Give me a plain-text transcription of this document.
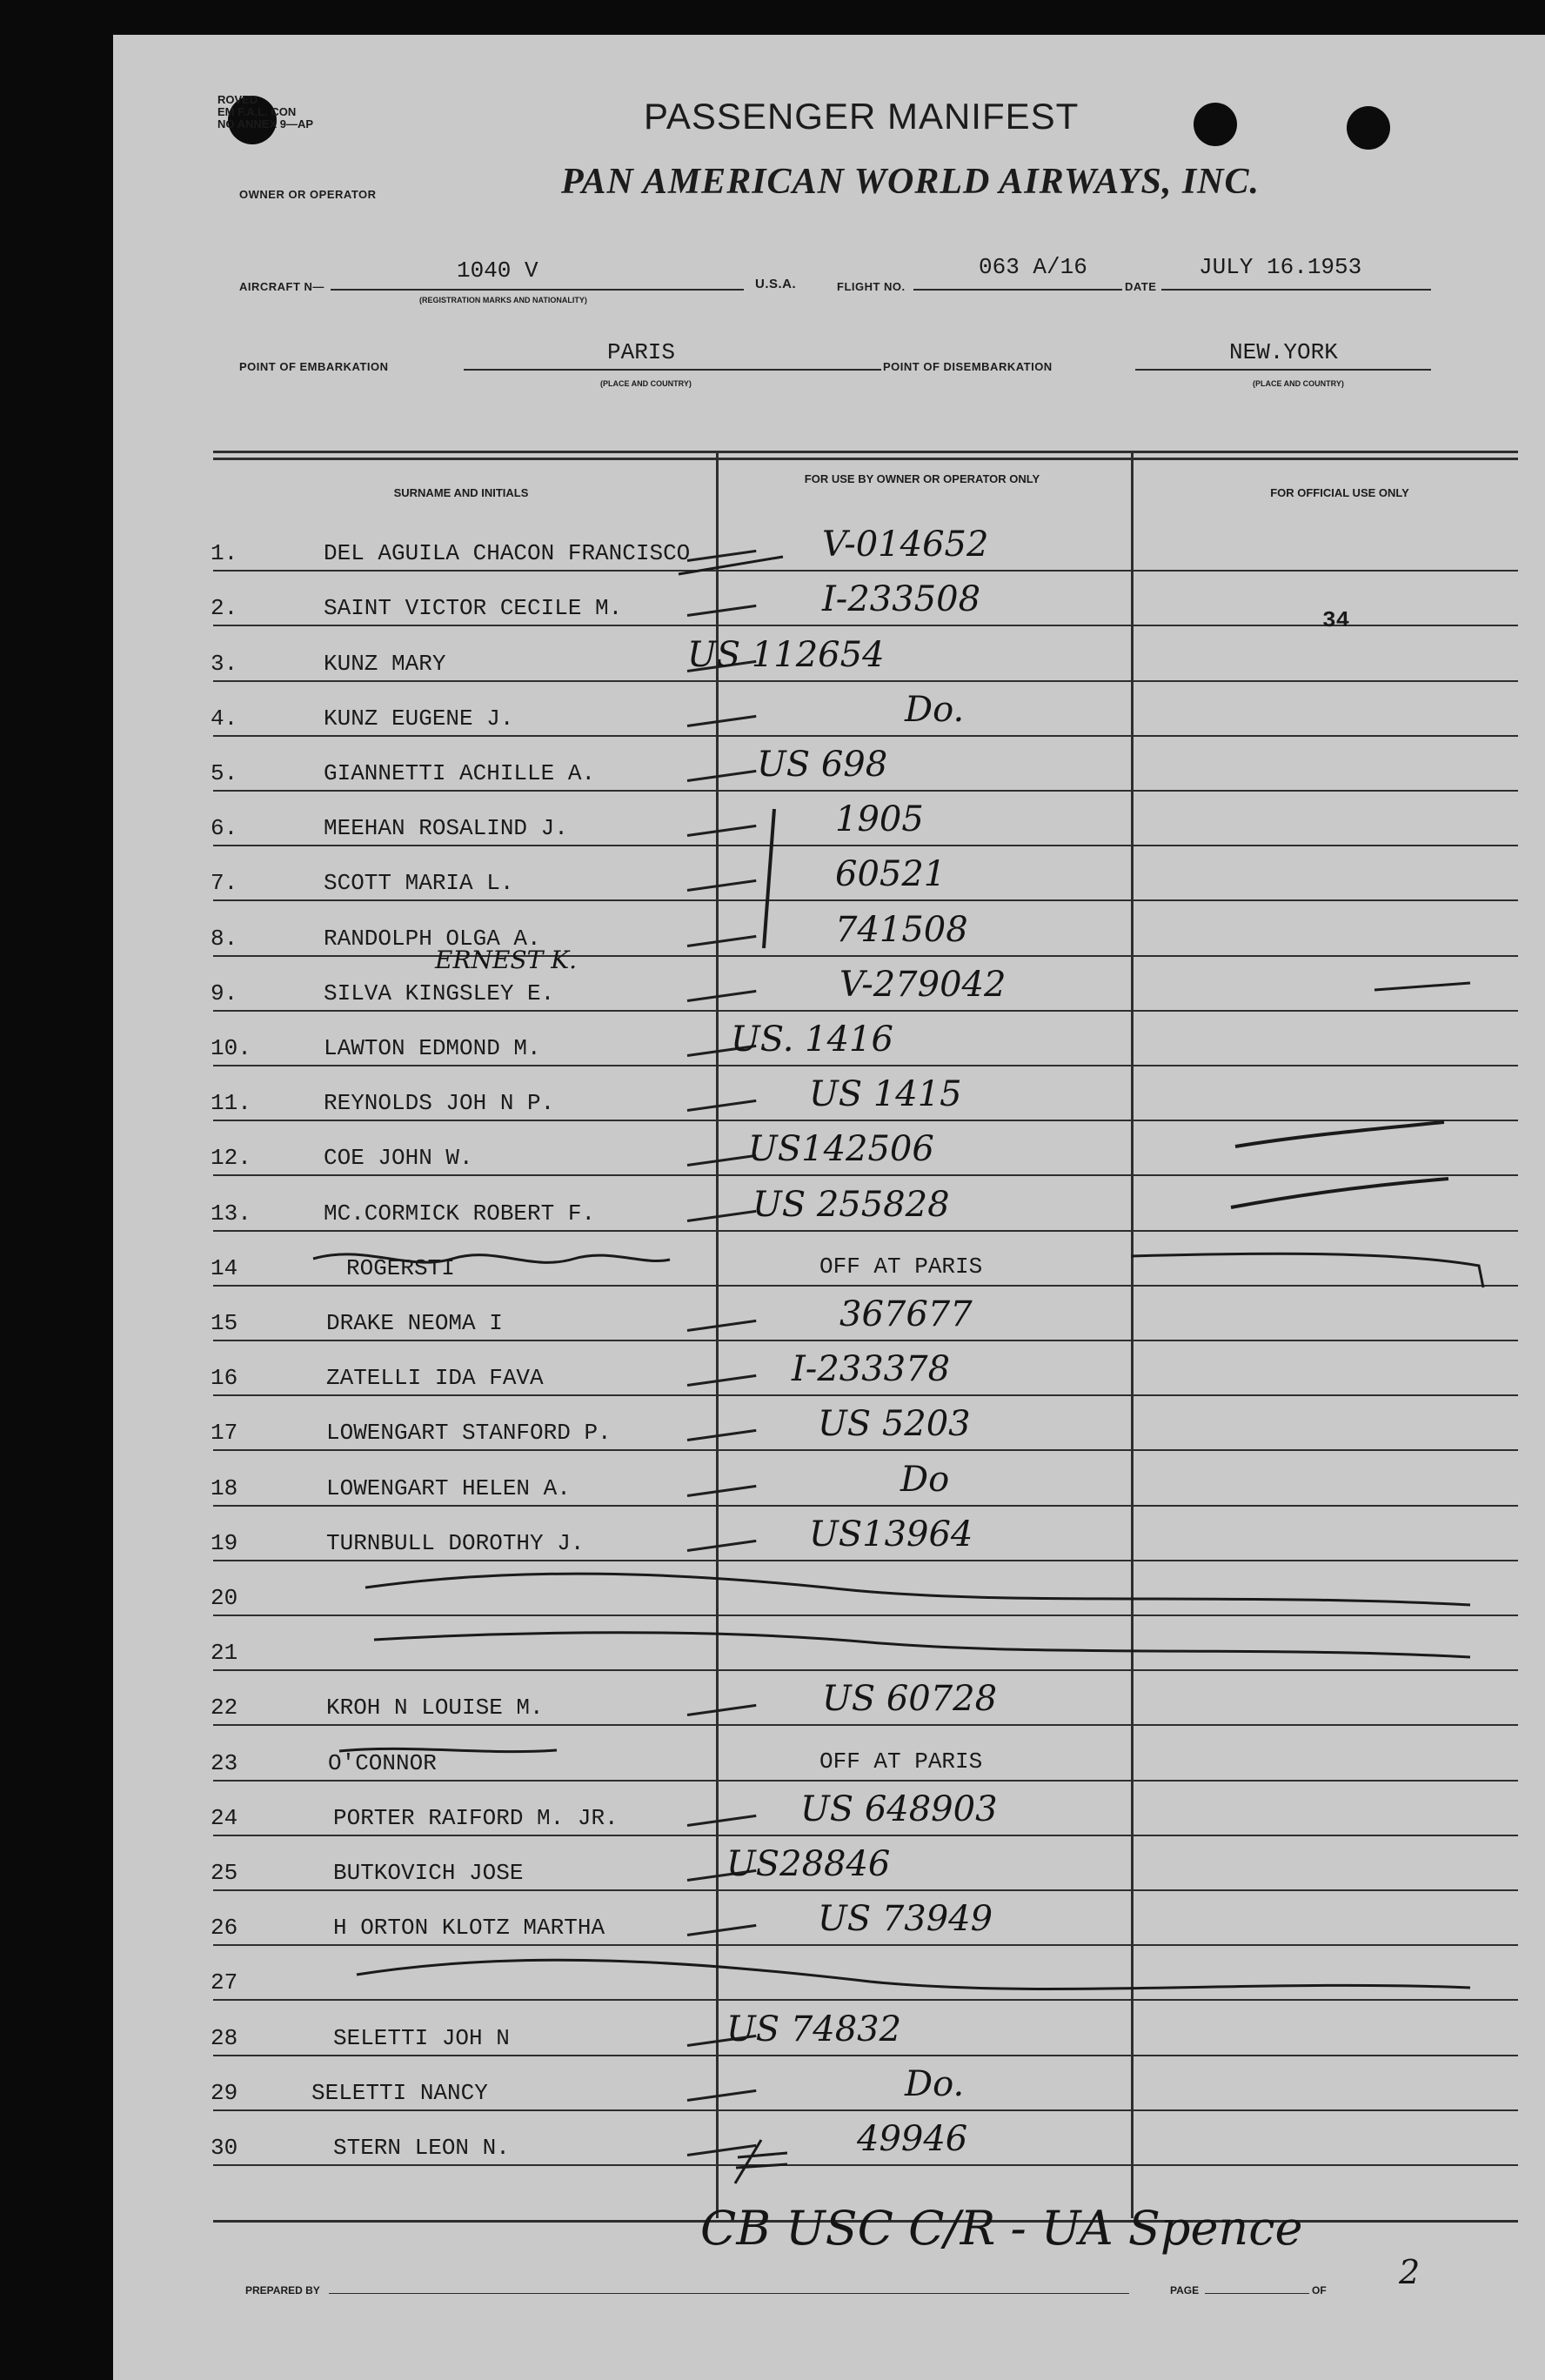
ROVED
EM F.A.L. CON
NO ANNEX 9—AP	PASSENGER MANIFEST
OWNER OR OPERATOR	PAN AMERICAN WORLD AIRWAYS, INC.
AIRCRAFT N—
1040 V
(REGISTRATION MARKS AND NATIONALITY)
U.S.A.	FLIGHT NO.
063 A/16
DATE
JULY 16.1953
POINT OF EMBARKATION
PARIS
(PLACE AND COUNTRY)
POINT OF DISEMBARKATION
NEW.YORK
(PLACE AND COUNTRY)
SURNAME AND INITIALS
FOR USE BY OWNER OR OPERATOR ONLY
FOR OFFICIAL USE ONLY
1.	DEL AGUILA CHACON FRANCISCO	V-014652
2.	SAINT VICTOR CECILE M.	I-233508
3.	KUNZ MARY	US 112654
4.	KUNZ EUGENE J.	Do.
5.	GIANNETTI ACHILLE A.	US 698
6.	MEEHAN ROSALIND J.	1905
7.	SCOTT MARIA L.	60521
8.	RANDOLPH OLGA A.	741508
9.	SILVA KINGSLEY E.	V-279042
ERNEST K.
10.	LAWTON EDMOND M.	US. 1416
11.	REYNOLDS JOH N P.	US 1415
12.	COE JOHN W.	US142506
13.	MC.CORMICK ROBERT F.	US 255828
14	ROGERSTI	OFF AT PARIS
15	DRAKE NEOMA I	367677
16	ZATELLI IDA FAVA	I-233378
17	LOWENGART STANFORD P.	US 5203
18	LOWENGART HELEN A.	Do
19	TURNBULL DOROTHY J.	US13964
20
21
22	KROH N LOUISE M.	US 60728
23	O'CONNOR	OFF AT PARIS
24	PORTER RAIFORD M. JR.	US 648903
25	BUTKOVICH JOSE	US28846
26	H ORTON KLOTZ MARTHA	US 73949
27
28	SELETTI JOH N	US 74832
29	SELETTI NANCY	Do.
30	STERN LEON N.	49946
34
PREPARED BY	PAGE	OF 2
CB USC C/R - UA Spence
